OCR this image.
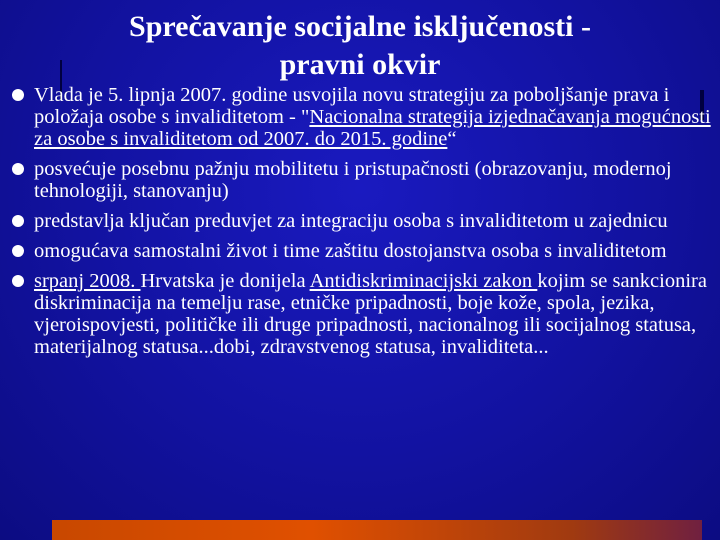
Sprečavanje socijalne isključenosti -
pravni okvir
Vlada je 5. lipnja 2007. godine usvojila novu strategiju za poboljšanje prava i položaja osobe s invaliditetom - "Nacionalna strategija izjednačavanja mogućnosti za osobe s invaliditetom od 2007. do 2015. godine“
posvećuje posebnu pažnju mobilitetu i pristupačnosti (obrazovanju, modernoj tehnologiji, stanovanju)
predstavlja ključan preduvjet za integraciju osoba s invaliditetom u zajednicu
omogućava samostalni život i time zaštitu dostojanstva osoba s invaliditetom
srpanj 2008. Hrvatska je donijela Antidiskriminacijski zakon kojim se sankcionira diskriminacija na temelju rase, etničke pripadnosti, boje kože, spola, jezika, vjeroispovjesti, političke ili druge pripadnosti, nacionalnog ili socijalnog statusa, materijalnog statusa...dobi, zdravstvenog statusa, invaliditeta...
